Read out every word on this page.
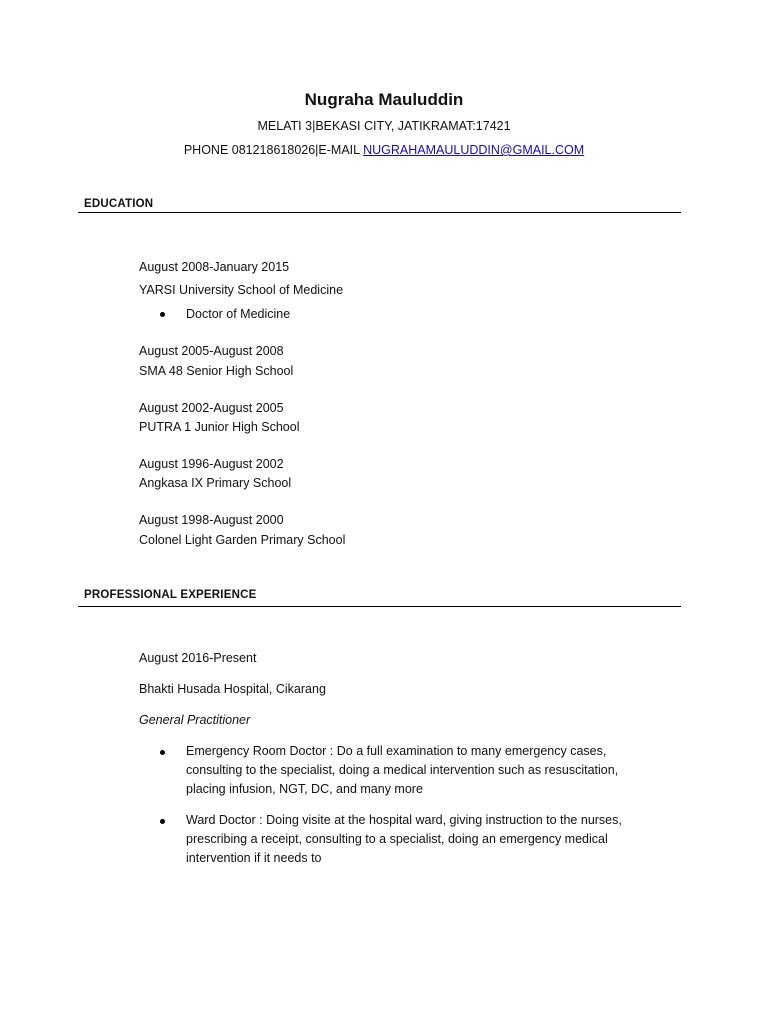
Nugraha Mauluddin
MELATI 3|BEKASI CITY, JATIKRAMAT:17421
PHONE 081218618026|E-MAIL NUGRAHAMAULUDDIN@GMAIL.COM
EDUCATION
August 2008-January 2015
YARSI University School of Medicine
Doctor of Medicine
August 2005-August 2008
SMA 48 Senior High School
August 2002-August 2005
PUTRA 1 Junior High School
August 1996-August 2002
Angkasa IX Primary School
August 1998-August 2000
Colonel Light Garden Primary School
PROFESSIONAL EXPERIENCE
August 2016-Present
Bhakti Husada Hospital, Cikarang
General Practitioner
Emergency Room Doctor : Do a full examination to many emergency cases, consulting to the specialist, doing a medical intervention such as resuscitation, placing infusion, NGT, DC, and many more
Ward Doctor : Doing visite at the hospital ward, giving instruction to the nurses, prescribing a receipt, consulting to a specialist, doing an emergency medical intervention if it needs to
